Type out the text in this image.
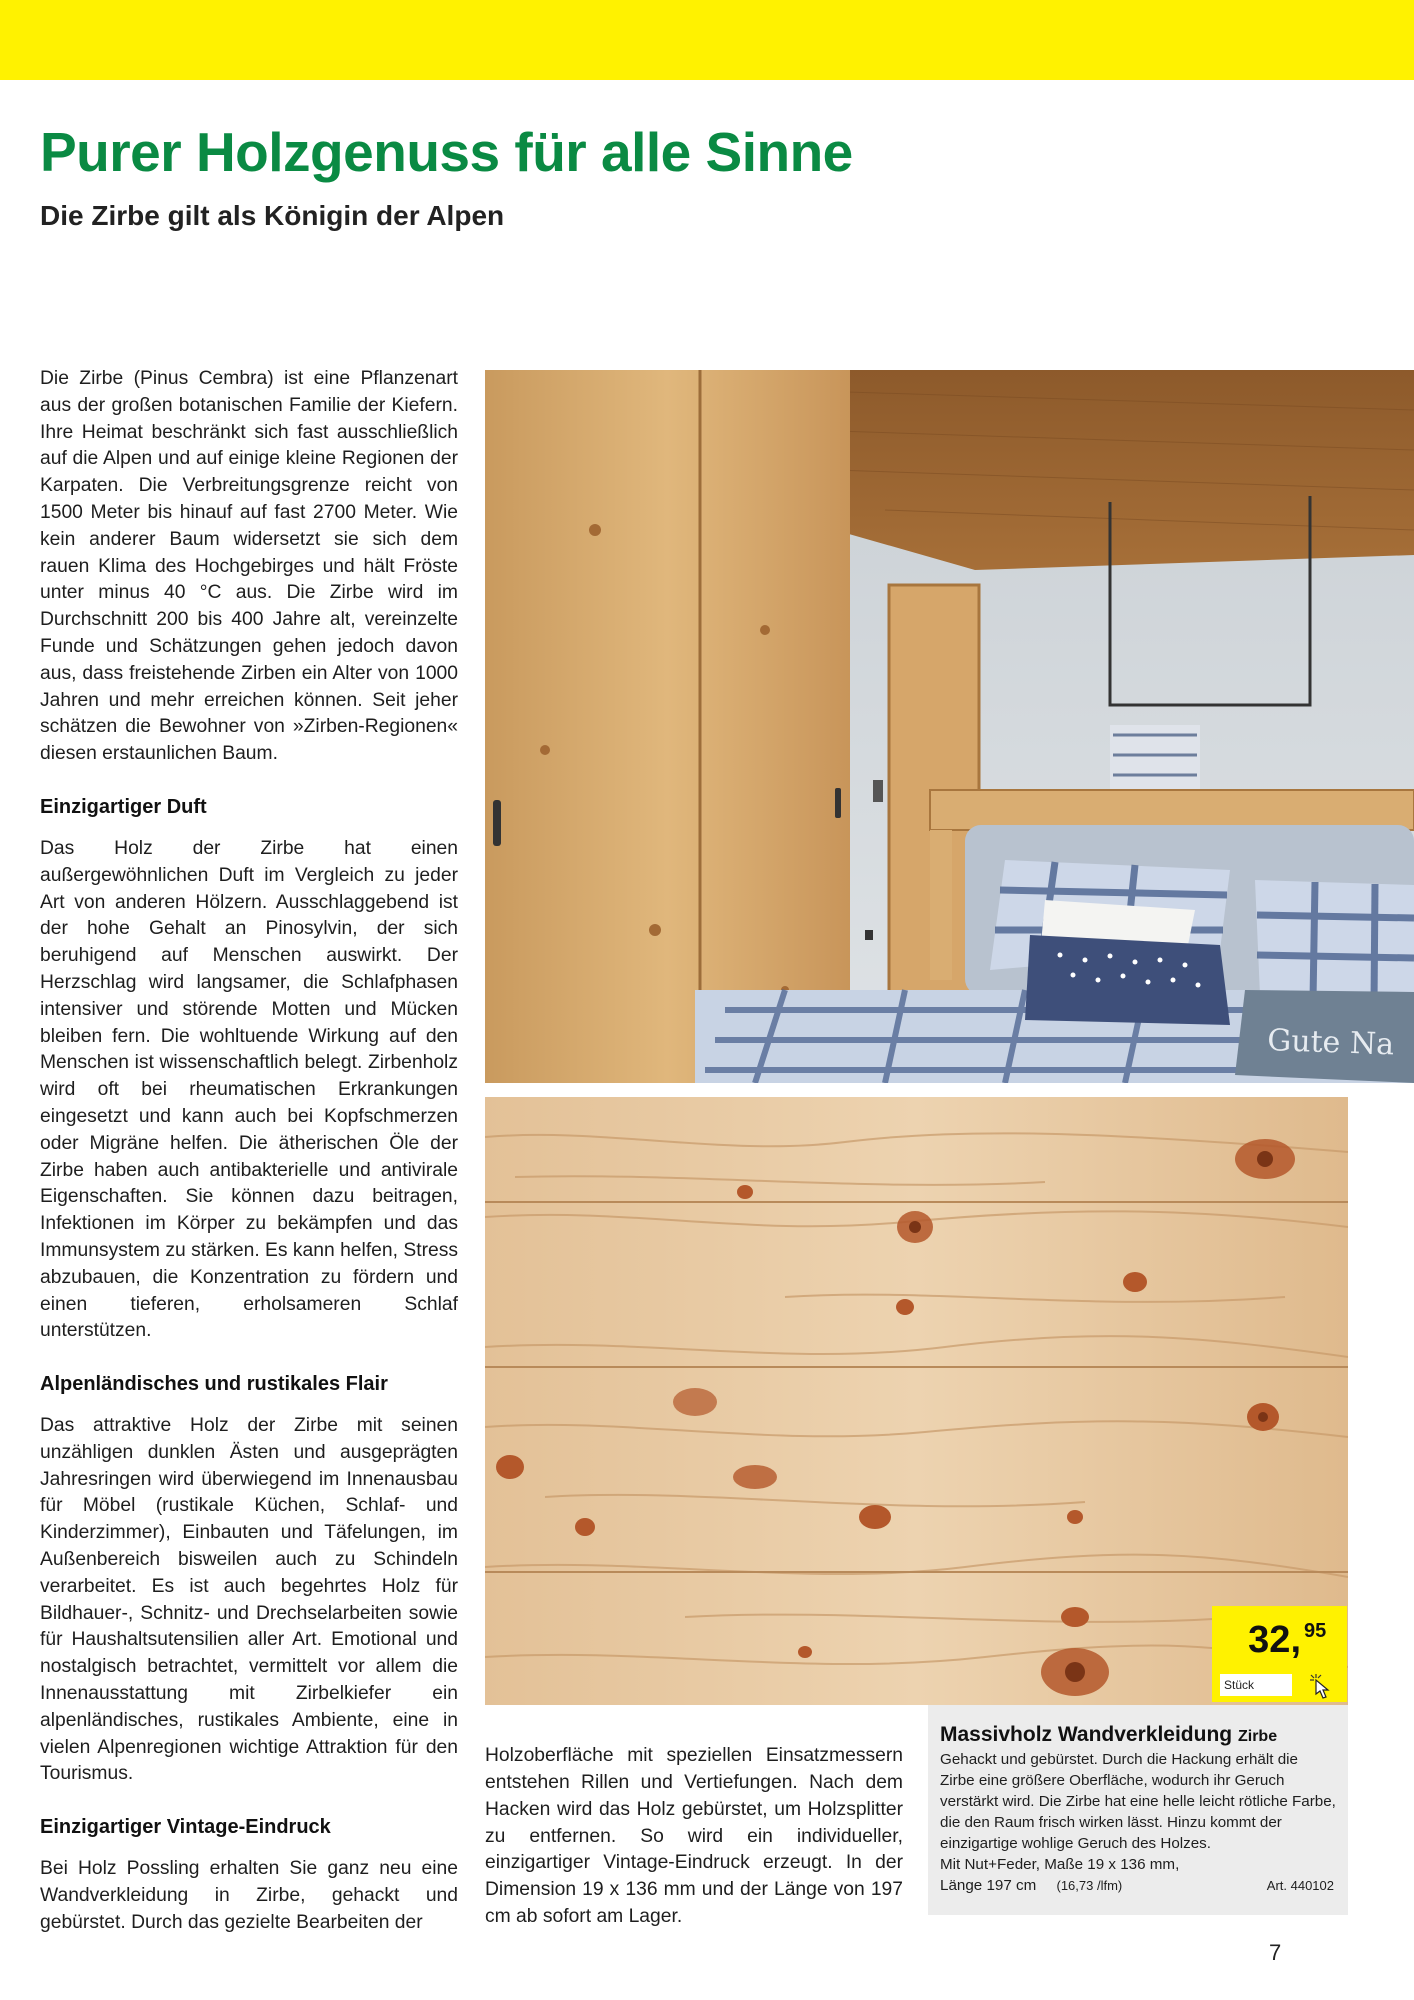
Purer Holzgenuss für alle Sinne
Die Zirbe gilt als Königin der Alpen

Die Zirbe (Pinus Cembra) ist eine Pflanzenart aus der großen botanischen Familie der Kiefern. Ihre Heimat beschränkt sich fast ausschließlich auf die Alpen und auf einige kleine Regionen der Karpaten. Die Verbreitungsgrenze reicht von 1500 Meter bis hinauf auf fast 2700 Meter. Wie kein anderer Baum widersetzt sie sich dem rauen Klima des Hochgebirges und hält Fröste unter minus 40 °C aus. Die Zirbe wird im Durchschnitt 200 bis 400 Jahre alt, vereinzelte Funde und Schätzungen gehen jedoch davon aus, dass freistehende Zirben ein Alter von 1000 Jahren und mehr erreichen können. Seit jeher schätzen die Bewohner von »Zirben-Regionen« diesen erstaunlichen Baum.

Einzigartiger Duft

Das Holz der Zirbe hat einen außergewöhnlichen Duft im Vergleich zu jeder Art von anderen Hölzern. Ausschlaggebend ist der hohe Gehalt an Pinosylvin, der sich beruhigend auf Menschen auswirkt. Der Herzschlag wird langsamer, die Schlafphasen intensiver und störende Motten und Mücken bleiben fern. Die wohltuende Wirkung auf den Menschen ist wissenschaftlich belegt. Zirbenholz wird oft bei rheumatischen Erkrankungen eingesetzt und kann auch bei Kopfschmerzen oder Migräne helfen. Die ätherischen Öle der Zirbe haben auch antibakterielle und antivirale Eigenschaften. Sie können dazu beitragen, Infektionen im Körper zu bekämpfen und das Immunsystem zu stärken. Es kann helfen, Stress abzubauen, die Konzentration zu fördern und einen tieferen, erholsameren Schlaf unterstützen.

Alpenländisches und rustikales Flair

Das attraktive Holz der Zirbe mit seinen unzähligen dunklen Ästen und ausgeprägten Jahresringen wird überwiegend im Innenausbau für Möbel (rustikale Küchen, Schlaf- und Kinderzimmer), Einbauten und Täfelungen, im Außenbereich bisweilen auch zu Schindeln verarbeitet. Es ist auch begehrtes Holz für Bildhauer-, Schnitz- und Drechselarbeiten sowie für Haushaltsutensilien aller Art. Emotional und nostalgisch betrachtet, vermittelt vor allem die Innenausstattung mit Zirbelkiefer ein alpenländisches, rustikales Ambiente, eine in vielen Alpenregionen wichtige Attraktion für den Tourismus.

Einzigartiger Vintage-Eindruck

Bei Holz Possling erhalten Sie ganz neu eine Wandverkleidung in Zirbe, gehackt und gebürstet. Durch das gezielte Bearbeiten der

Gute Na
32, 95
Stück

Holzoberfläche mit speziellen Einsatzmessern entstehen Rillen und Vertiefungen. Nach dem Hacken wird das Holz gebürstet, um Holzsplitter zu entfernen. So wird ein individueller, einzigartiger Vintage-Eindruck erzeugt. In der Dimension 19 x 136 mm und der Länge von 197 cm ab sofort am Lager.

Massivholz Wandverkleidung Zirbe
Gehackt und gebürstet. Durch die Hackung erhält die Zirbe eine größere Oberfläche, wodurch ihr Geruch verstärkt wird. Die Zirbe hat eine helle leicht rötliche Farbe, die den Raum frisch wirken lässt. Hinzu kommt der einzigartige wohlige Geruch des Holzes.
Mit Nut+Feder, Maße 19 x 136 mm,
Länge 197 cm (16,73 /lfm)	Art. 440102
7
